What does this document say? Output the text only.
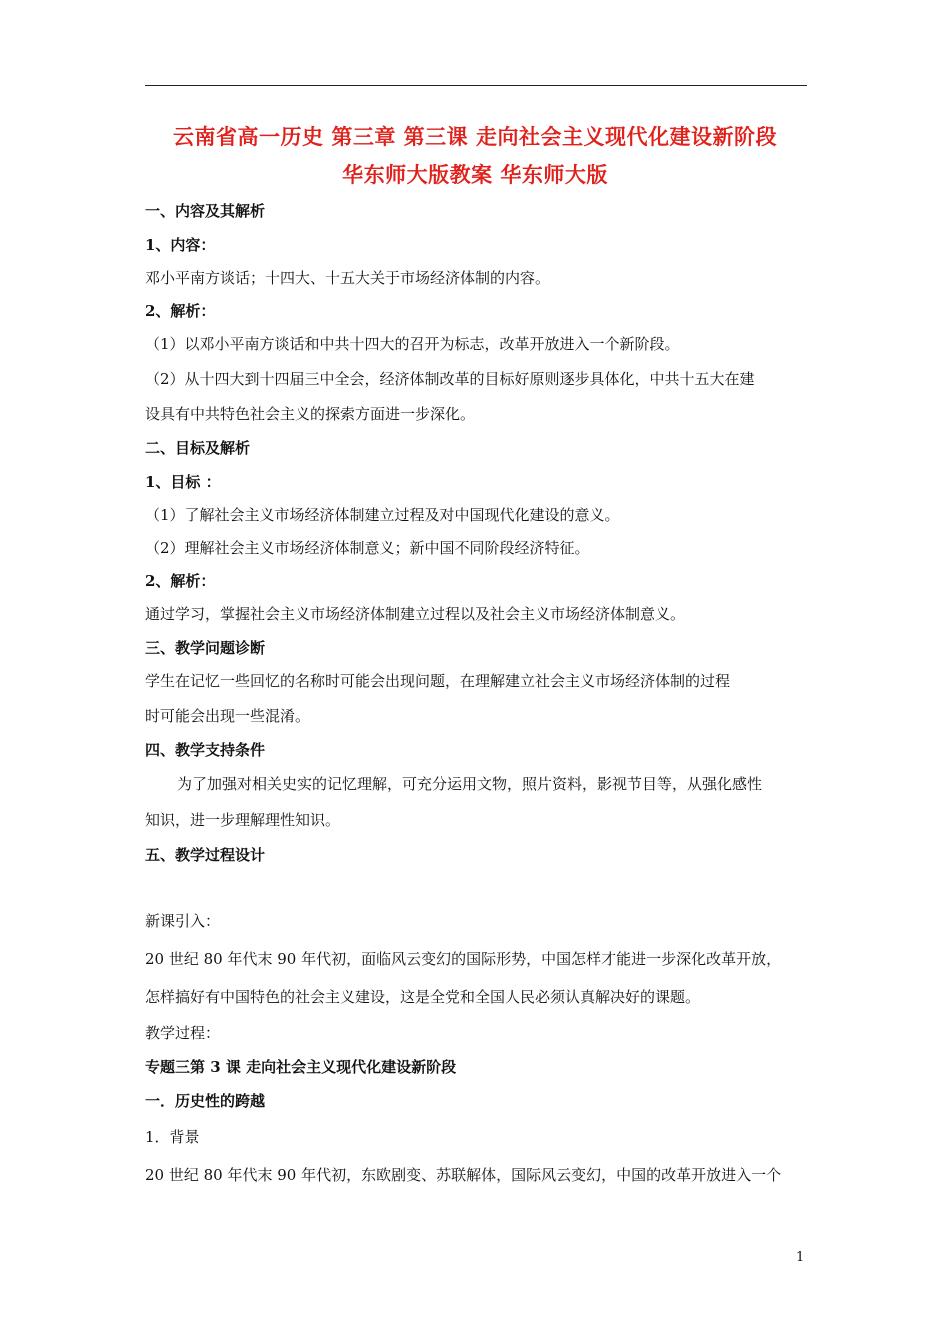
云南省高一历史 第三章 第三课 走向社会主义现代化建设新阶段
华东师大版教案 华东师大版
一、内容及其解析
1、内容：
邓小平南方谈话；十四大、十五大关于市场经济体制的内容。
2、解析：
（1）以邓小平南方谈话和中共十四大的召开为标志，改革开放进入一个新阶段。
（2）从十四大到十四届三中全会，经济体制改革的目标好原则逐步具体化，中共十五大在建
设具有中共特色社会主义的探索方面进一步深化。
二、目标及解析
1、目标 ：
（1）了解社会主义市场经济体制建立过程及对中国现代化建设的意义。
（2）理解社会主义市场经济体制意义；新中国不同阶段经济特征。
2、解析：
通过学习，掌握社会主义市场经济体制建立过程以及社会主义市场经济体制意义。
三、教学问题诊断
学生在记忆一些回忆的名称时可能会出现问题，在理解建立社会主义市场经济体制的过程
时可能会出现一些混淆。
四、教学支持条件
为了加强对相关史实的记忆理解，可充分运用文物，照片资料，影视节目等，从强化感性
知识，进一步理解理性知识。
五、教学过程设计
新课引入：
20 世纪 80 年代末 90 年代初，面临风云变幻的国际形势，中国怎样才能进一步深化改革开放，
怎样搞好有中国特色的社会主义建设，这是全党和全国人民必须认真解决好的课题。
教学过程：
专题三第 3 课 走向社会主义现代化建设新阶段
一．历史性的跨越
1．背景
20 世纪 80 年代末 90 年代初，东欧剧变、苏联解体，国际风云变幻，中国的改革开放进入一个
1
